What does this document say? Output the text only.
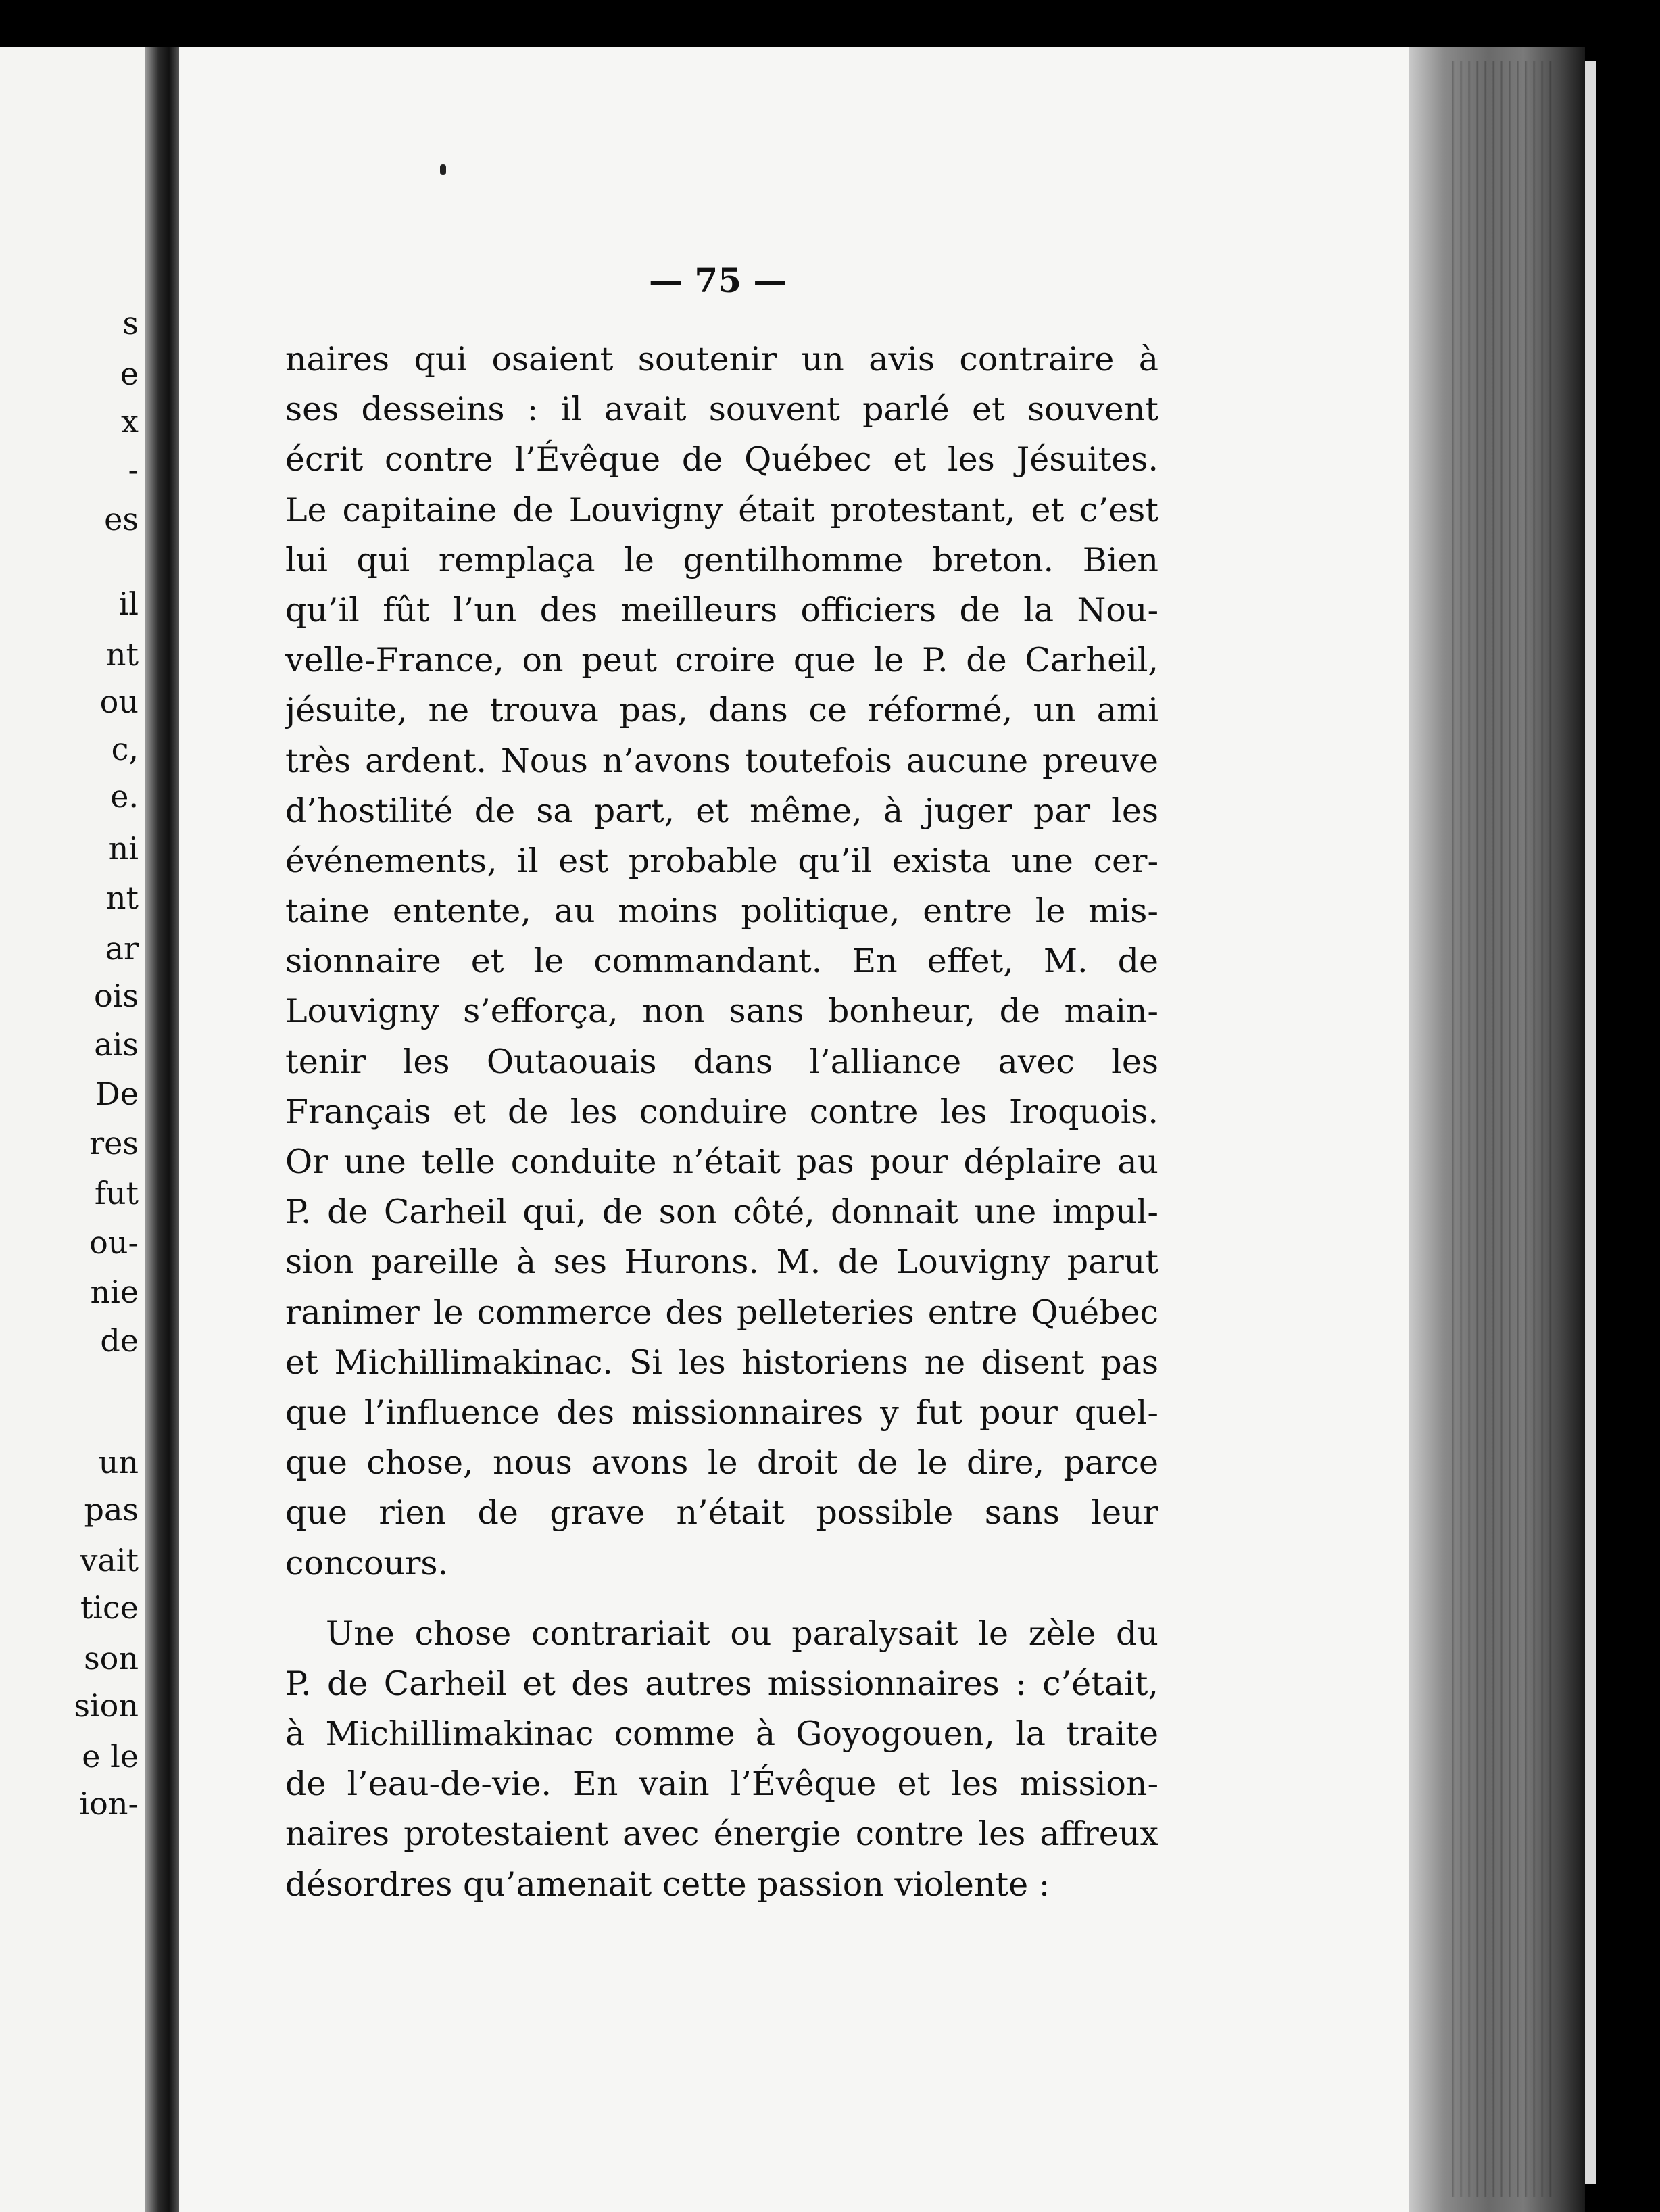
s
e
x
-
es
il
nt
ou
c,
e.
ni
nt
ar
ois
ais
De
res
fut
ou-
nie
de
un
pas
vait
tice
son
sion
e le
ion-
— 75 —
naires qui osaient soutenir un avis contraire à
ses desseins : il avait souvent parlé et souvent
écrit contre l’Évêque de Québec et les Jésuites.
Le capitaine de Louvigny était protestant, et c’est
lui qui remplaça le gentilhomme breton. Bien
qu’il fût l’un des meilleurs officiers de la Nou-
velle-France, on peut croire que le P. de Carheil,
jésuite, ne trouva pas, dans ce réformé, un ami
très ardent. Nous n’avons toutefois aucune preuve
d’hostilité de sa part, et même, à juger par les
événements, il est probable qu’il exista une cer-
taine entente, au moins politique, entre le mis-
sionnaire et le commandant. En effet, M. de
Louvigny s’efforça, non sans bonheur, de main-
tenir les Outaouais dans l’alliance avec les
Français et de les conduire contre les Iroquois.
Or une telle conduite n’était pas pour déplaire au
P. de Carheil qui, de son côté, donnait une impul-
sion pareille à ses Hurons. M. de Louvigny parut
ranimer le commerce des pelleteries entre Québec
et Michillimakinac. Si les historiens ne disent pas
que l’influence des missionnaires y fut pour quel-
que chose, nous avons le droit de le dire, parce
que rien de grave n’était possible sans leur
concours.
Une chose contrariait ou paralysait le zèle du
P. de Carheil et des autres missionnaires : c’était,
à Michillimakinac comme à Goyogouen, la traite
de l’eau-de-vie. En vain l’Évêque et les mission-
naires protestaient avec énergie contre les affreux
désordres qu’amenait cette passion violente :
